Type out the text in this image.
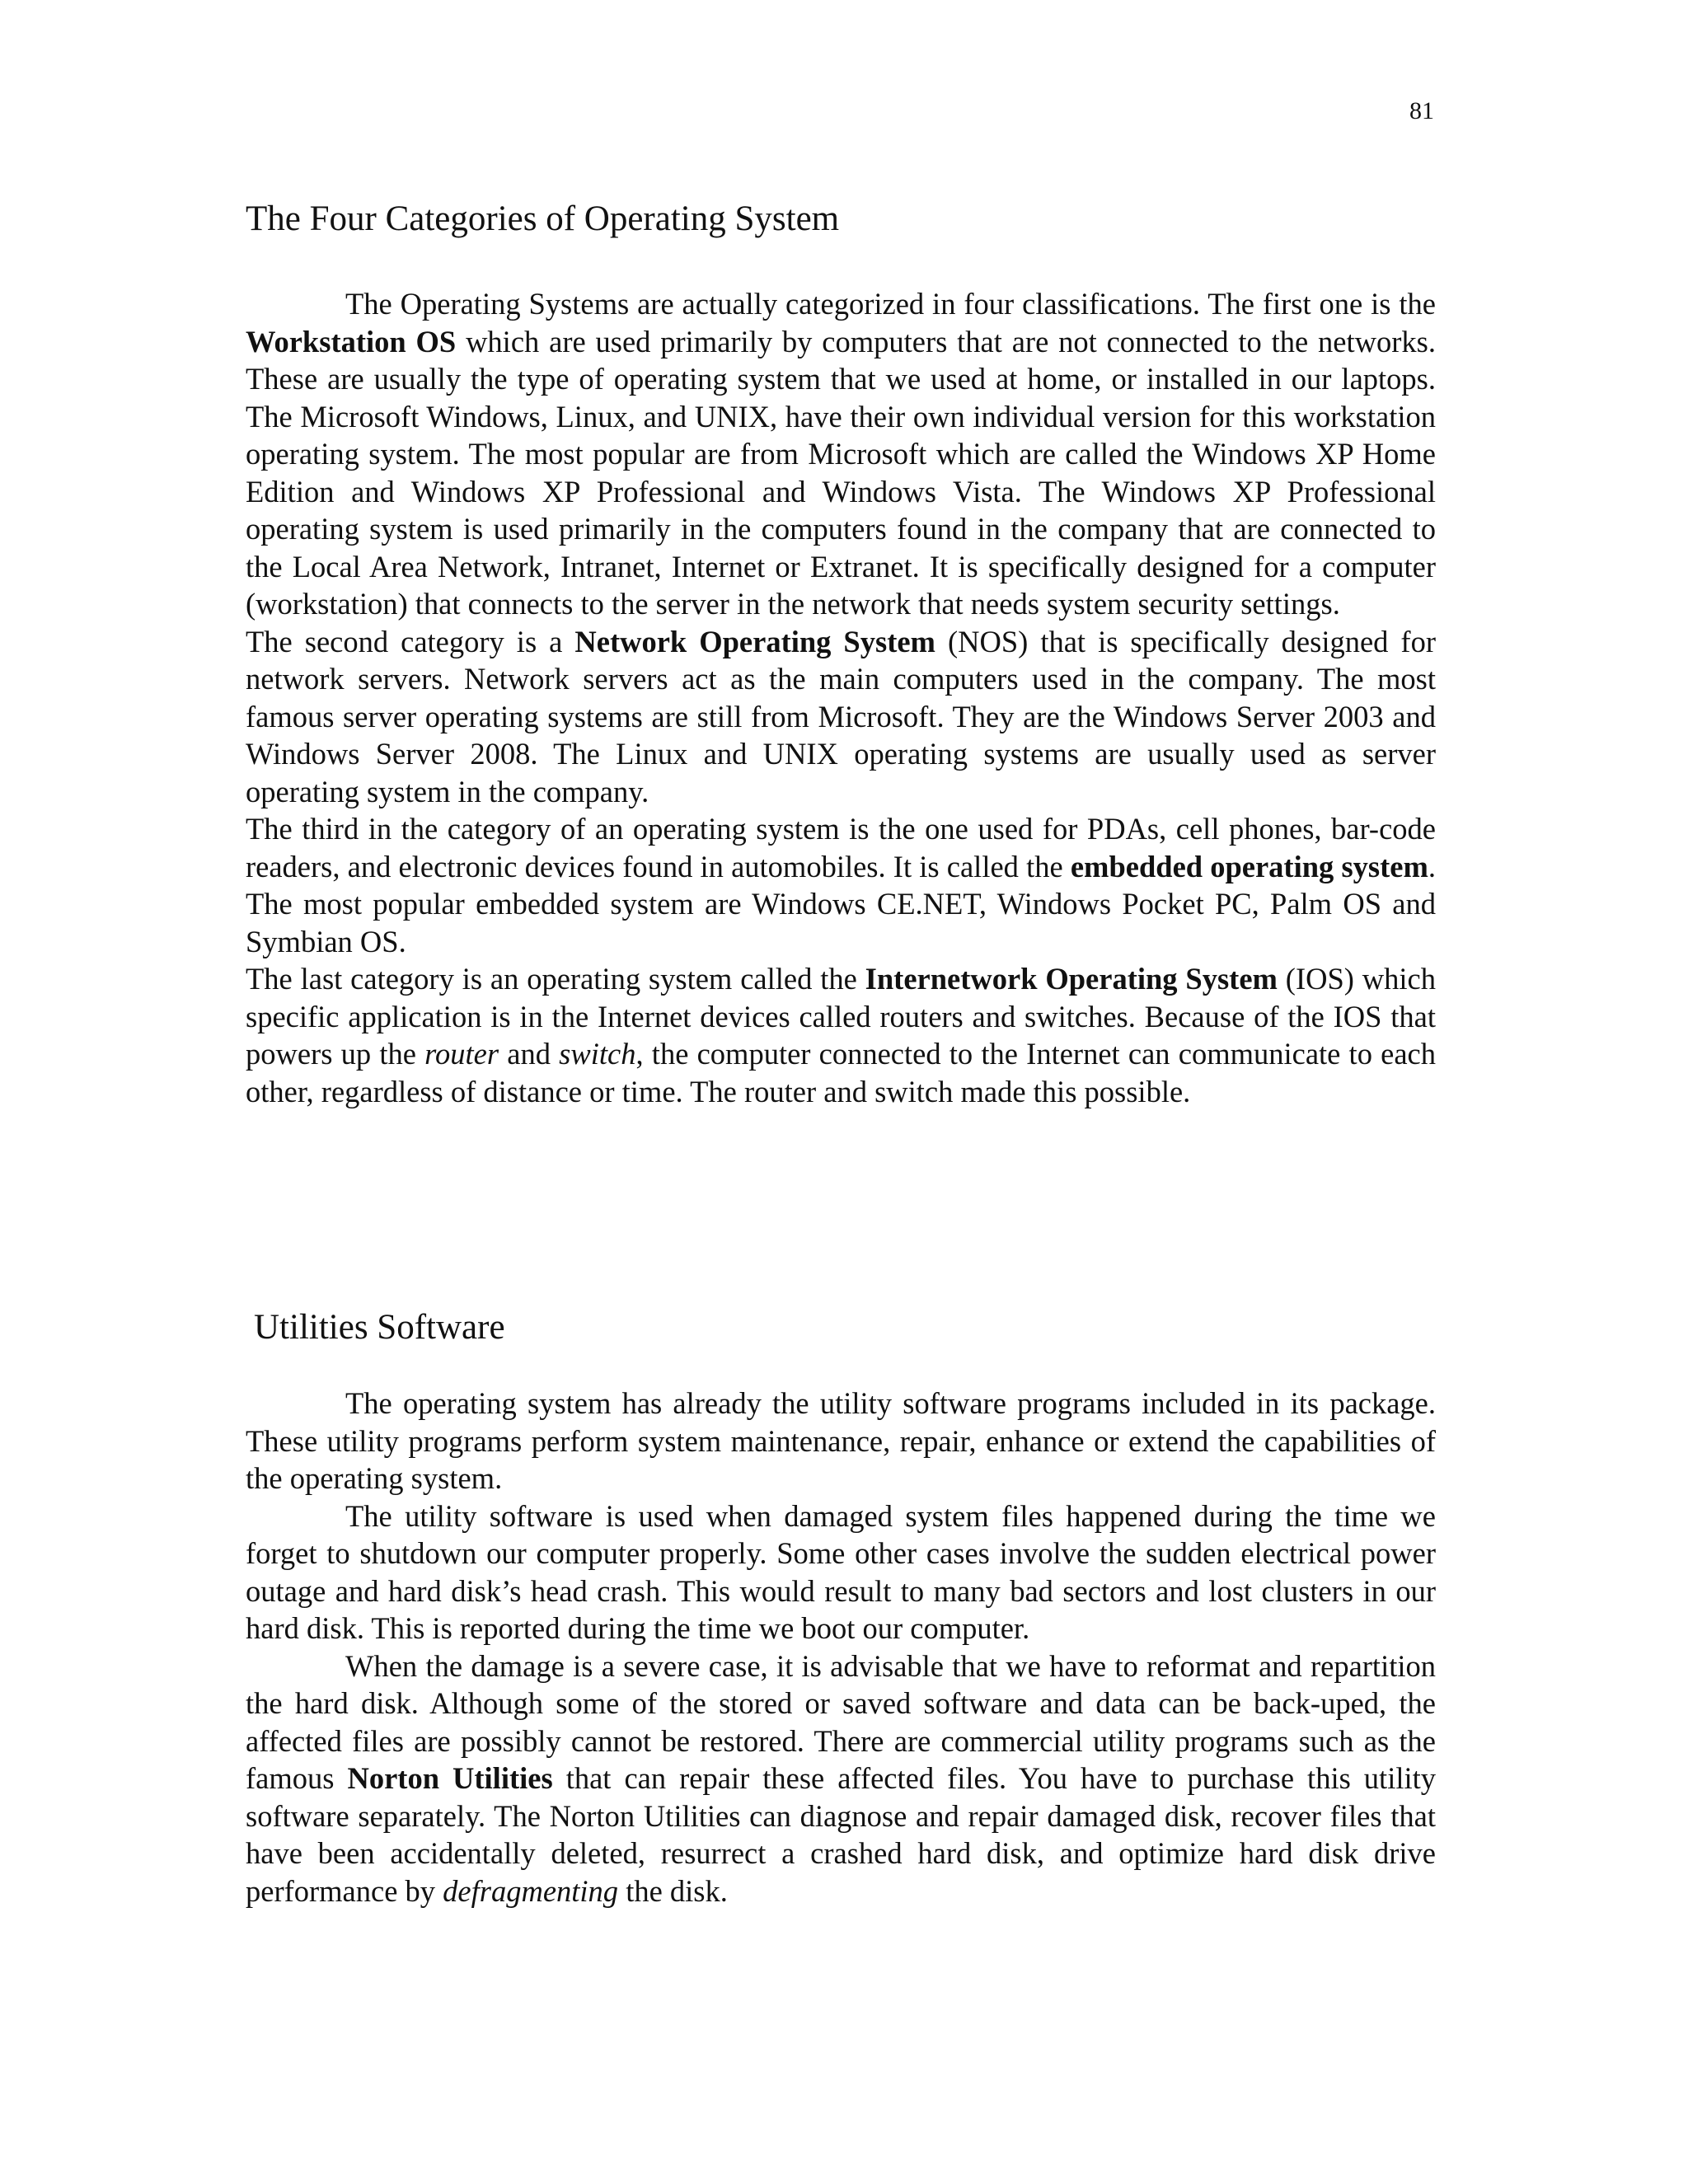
81
The Four Categories of Operating System

The Operating Systems are actually categorized in four classifications. The first one is the Workstation OS which are used primarily by computers that are not connected to the networks. These are usually the type of operating system that we used at home, or installed in our laptops. The Microsoft Windows, Linux, and UNIX, have their own individual version for this workstation operating system. The most popular are from Microsoft which are called the Windows XP Home Edition and Windows XP Professional and Windows Vista. The Windows XP Professional operating system is used primarily in the computers found in the company that are connected to the Local Area Network, Intranet, Internet or Extranet. It is specifically designed for a computer (workstation) that connects to the server in the network that needs system security settings.

The second category is a Network Operating System (NOS) that is specifically designed for network servers. Network servers act as the main computers used in the company. The most famous server operating systems are still from Microsoft. They are the Windows Server 2003 and Windows Server 2008. The Linux and UNIX operating systems are usually used as server operating system in the company.

The third in the category of an operating system is the one used for PDAs, cell phones, bar-code readers, and electronic devices found in automobiles. It is called the embedded operating system. The most popular embedded system are Windows CE.NET, Windows Pocket PC, Palm OS and Symbian OS.

The last category is an operating system called the Internetwork Operating System (IOS) which specific application is in the Internet devices called routers and switches. Because of the IOS that powers up the router and switch, the computer connected to the Internet can communicate to each other, regardless of distance or time. The router and switch made this possible.

Utilities Software

The operating system has already the utility software programs included in its package. These utility programs perform system maintenance, repair, enhance or extend the capabilities of the operating system.

The utility software is used when damaged system files happened during the time we forget to shutdown our computer properly. Some other cases involve the sudden electrical power outage and hard disk’s head crash. This would result to many bad sectors and lost clusters in our hard disk. This is reported during the time we boot our computer.

When the damage is a severe case, it is advisable that we have to reformat and repartition the hard disk. Although some of the stored or saved software and data can be back-uped, the affected files are possibly cannot be restored. There are commercial utility programs such as the famous Norton Utilities that can repair these affected files. You have to purchase this utility software separately. The Norton Utilities can diagnose and repair damaged disk, recover files that have been accidentally deleted, resurrect a crashed hard disk, and optimize hard disk drive performance by defragmenting the disk.
